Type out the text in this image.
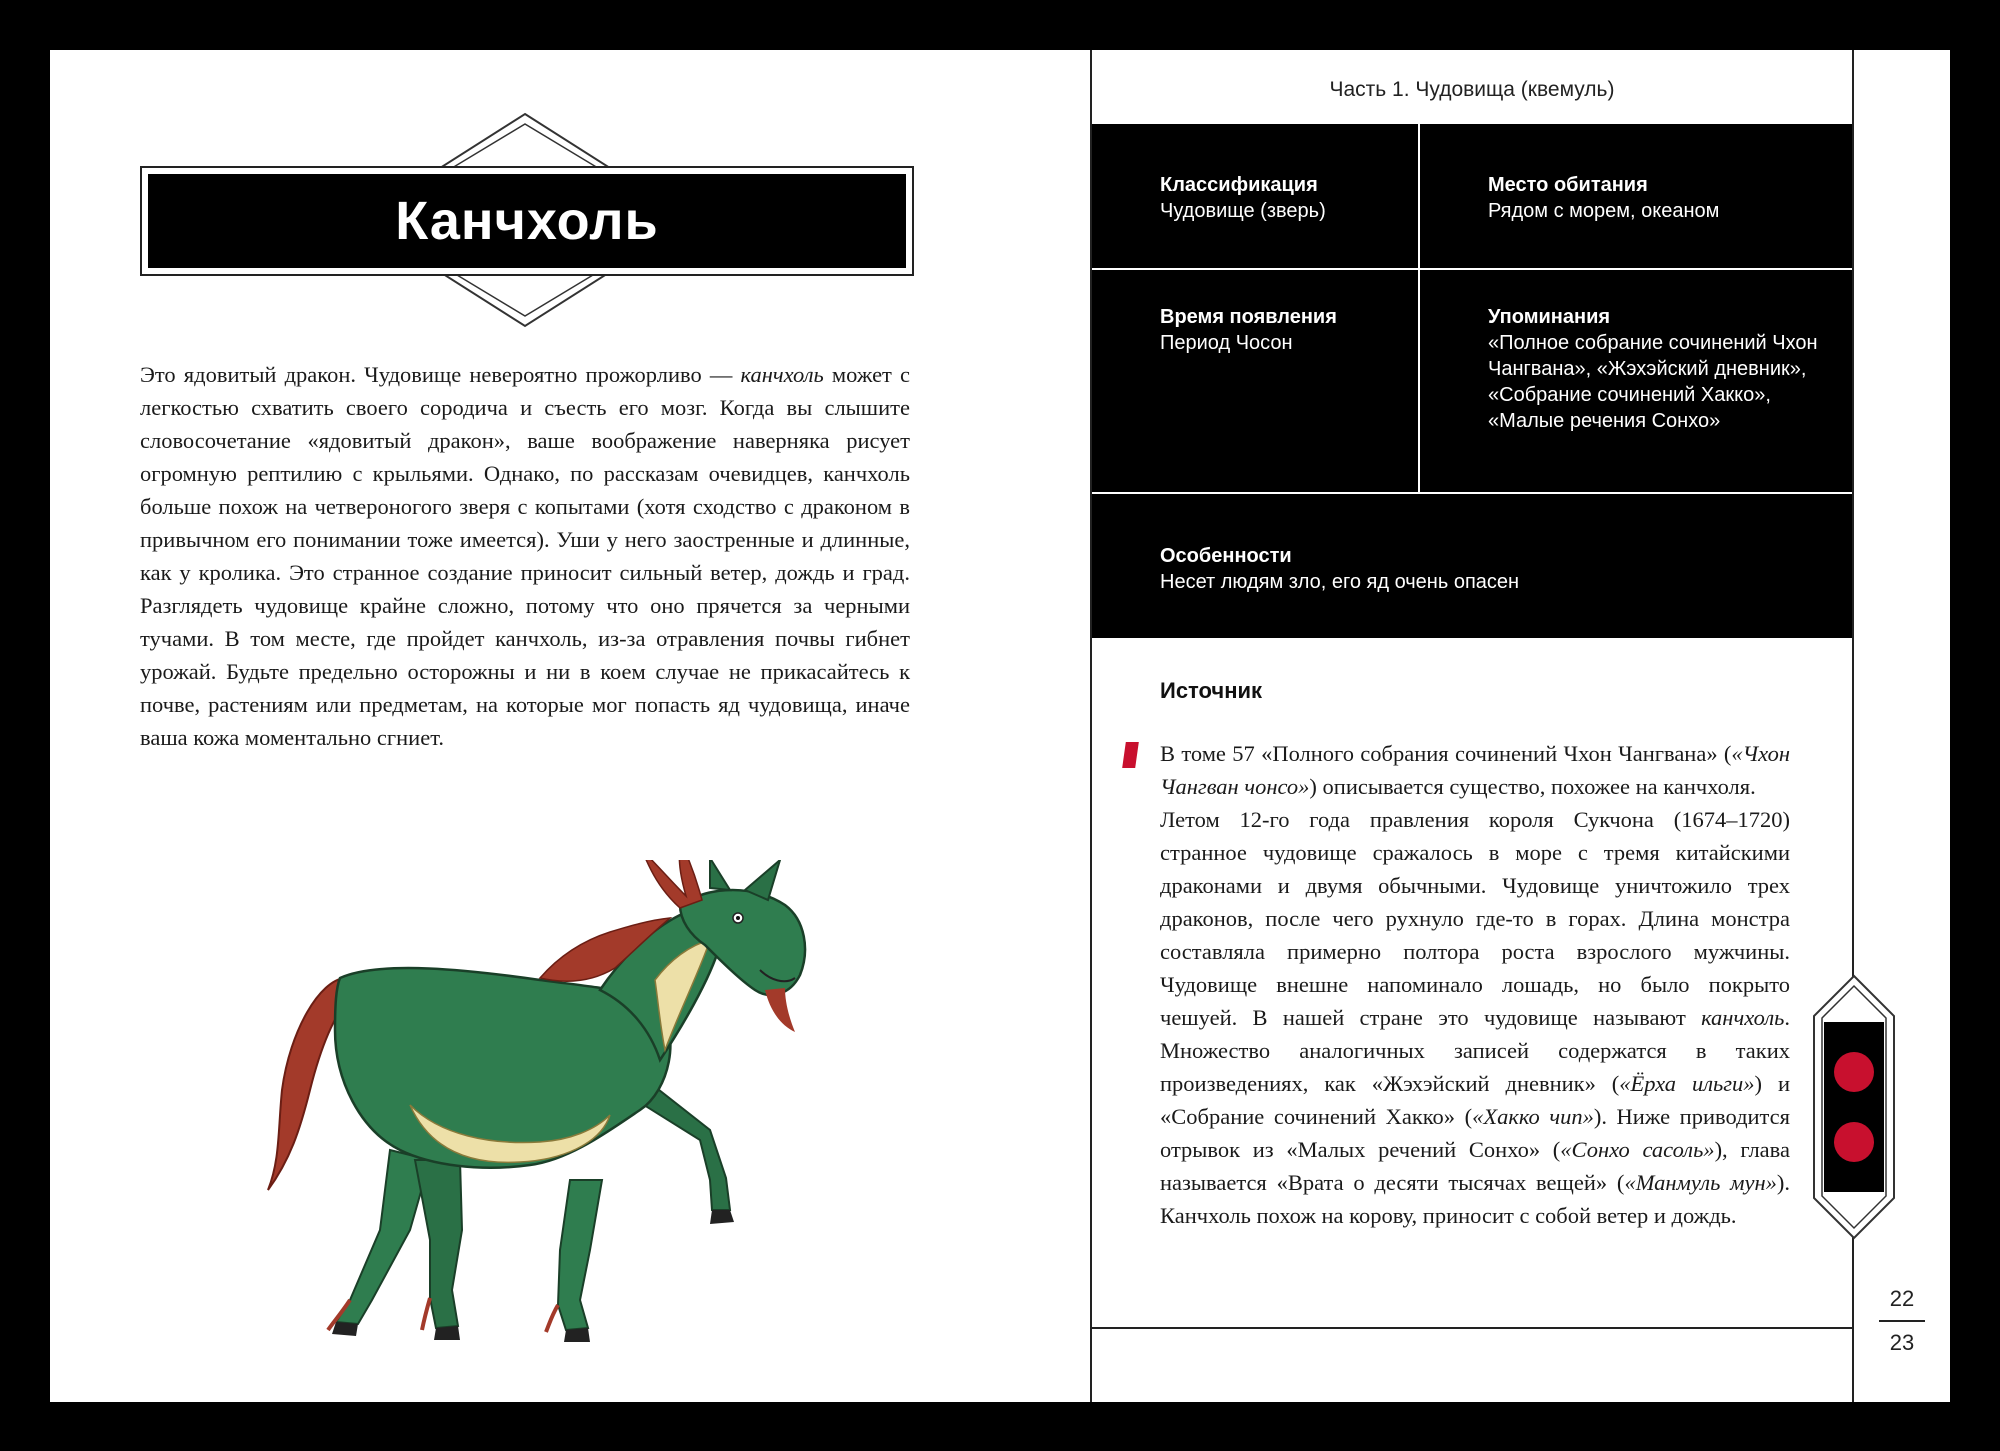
Канчхоль

Это ядовитый дракон. Чудовище невероятно прожорливо — канчхоль может с легкостью схватить своего сородича и съесть его мозг. Когда вы слышите словосочетание «ядовитый дракон», ваше воображение наверняка рисует огромную рептилию с крыльями. Однако, по рассказам очевидцев, канчхоль больше похож на четвероногого зверя с копытами (хотя сходство с драконом в привычном его понимании тоже имеется). Уши у него заостренные и длинные, как у кролика. Это странное создание приносит сильный ветер, дождь и град. Разглядеть чудовище крайне сложно, потому что оно прячется за черными тучами. В том месте, где пройдет канчхоль, из-за отравления почвы гибнет урожай. Будьте предельно осторожны и ни в коем случае не прикасайтесь к почве, растениям или предметам, на которые мог попасть яд чудовища, иначе ваша кожа моментально сгниет.

Часть 1. Чудовища (квемуль)
Классификация
Чудовище (зверь)
Место обитания
Рядом с морем, океаном
Время появления
Период Чосон
Упоминания
«Полное собрание сочинений Чхон Чангвана», «Жэхэйский дневник», «Собрание сочинений Хакко», «Малые речения Сонхо»
Особенности
Несет людям зло, его яд очень опасен
Источник

В томе 57 «Полного собрания сочинений Чхон Чангвана» («Чхон Чангван чонсо») описывается существо, похожее на канчхоля.

Летом 12-го года правления короля Сукчона (1674–1720) странное чудовище сражалось в море с тремя китайскими драконами и двумя обычными. Чудовище уничтожило трех драконов, после чего рухнуло где-то в горах. Длина монстра составляла примерно полтора роста взрослого мужчины. Чудовище внешне напоминало лошадь, но было покрыто чешуей. В нашей стране это чудовище называют канчхоль. Множество аналогичных записей содержатся в таких произведениях, как «Жэхэйский дневник» («Ёрха ильги») и «Собрание сочинений Хакко» («Хакко чип»). Ниже приводится отрывок из «Малых речений Сонхо» («Сонхо сасоль»), глава называется «Врата о десяти тысячах вещей» («Манмуль мун»). Канчхоль похож на корову, приносит с собой ветер и дождь.

22
23
